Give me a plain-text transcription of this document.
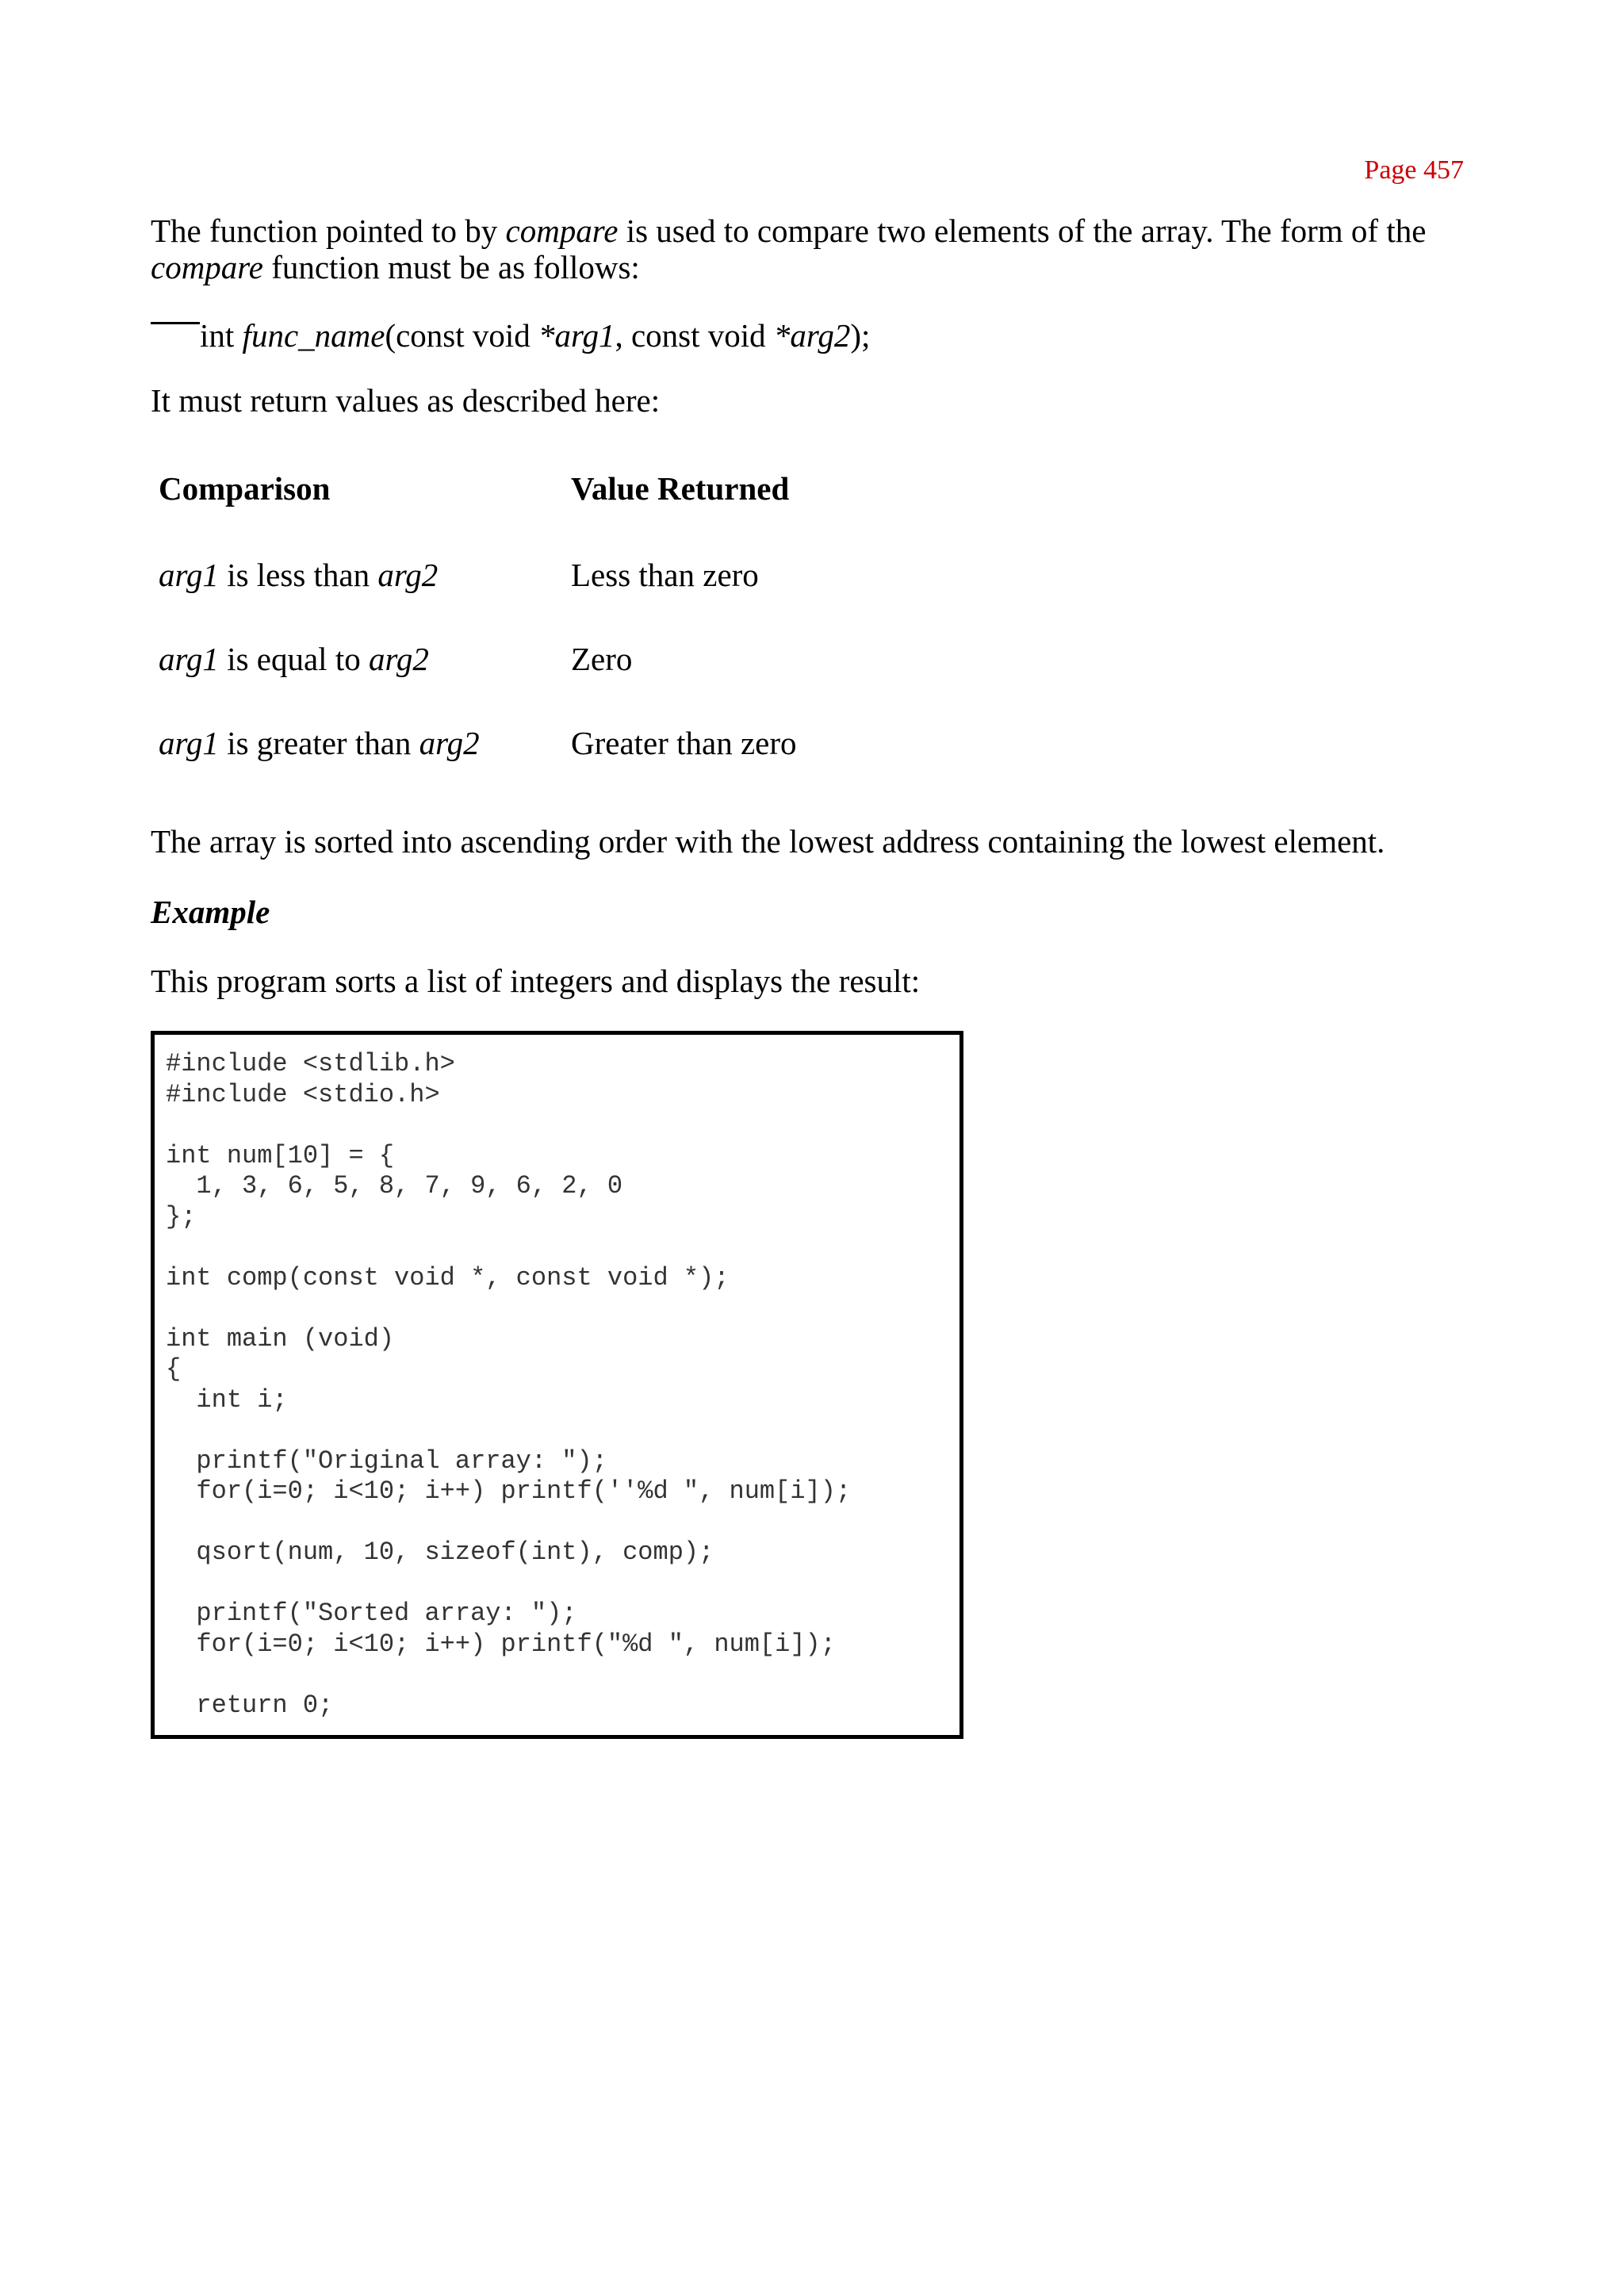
Page 457

The function pointed to by compare is used to compare two elements of the array. The form of the compare function must be as follows:

int func_name(const void *arg1, const void *arg2);

It must return values as described here:

Comparison	Value Returned
arg1 is less than arg2	Less than zero
arg1 is equal to arg2	Zero
arg1 is greater than arg2	Greater than zero

The array is sorted into ascending order with the lowest address containing the lowest element.

Example

This program sorts a list of integers and displays the result:

#include <stdlib.h>
#include <stdio.h>
int num[10] = {
1, 3, 6, 5, 8, 7, 9, 6, 2, 0
};
int comp(const void *, const void *);
int main (void)
{
int i;
printf("Original array: ");
for(i=0; i<10; i++) printf(''%d ", num[i]);
qsort(num, 10, sizeof(int), comp);
printf("Sorted array: ");
for(i=0; i<10; i++) printf("%d ", num[i]);
return 0;
